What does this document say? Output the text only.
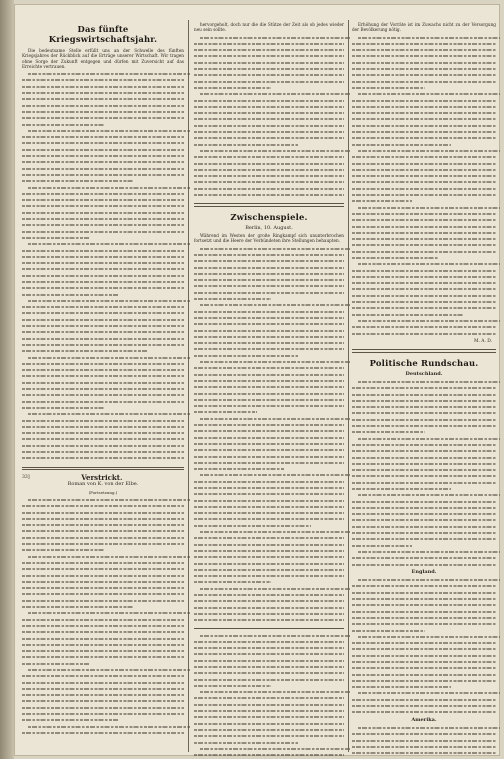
Das fünfte Kriegswirtschaftsjahr.
Die bedeutsame Stelle erfüllt uns an der Schwelle des fünften Kriegsjahres der Rückblick auf die Erträge unserer Wirtschaft. Wir tragen ohne Sorge der Zukunft entgegen und dürfen mit Zuversicht auf das Erreichte vertrauen.
33]	Verstrickt.
Roman von K. von der Elbe.
(Fortsetzung.)
hervorgeholt, doch nur die die Stütze der Zeit als ob jedes wieder neu sein sollte.
Zwischenspiele.
Berlin, 10. August.
Während im Westen der große Ringkampf sich ununterbrochen fortsetzt und die Heere der Verbündeten ihre Stellungen behaupten.
Erhöhung der Vorräte ist im Zuwachs nicht zu der Versorgung der Bevölkerung nötig.
M. A. D.
Politische Rundschau.
Deutschland.
England.
Amerika.
